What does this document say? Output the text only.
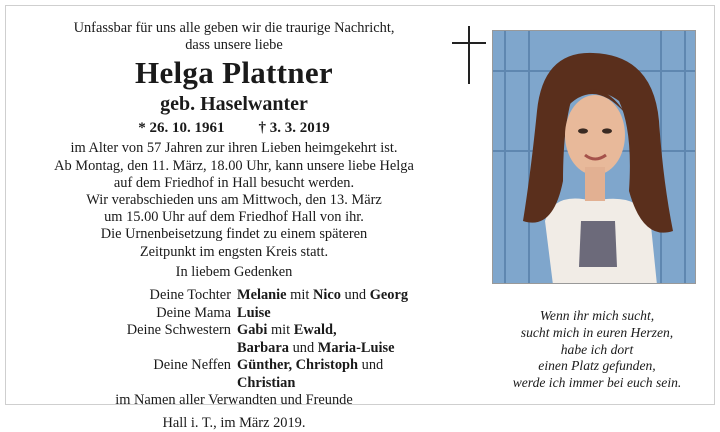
Unfassbar für uns alle geben wir die traurige Nachricht,
dass unsere liebe
Helga Plattner
geb. Haselwanter
* 26. 10. 1961 † 3. 3. 2019
im Alter von 57 Jahren zur ihren Lieben heimgekehrt ist.
Ab Montag, den 11. März, 18.00 Uhr, kann unsere liebe Helga
auf dem Friedhof in Hall besucht werden.
Wir verabschieden uns am Mittwoch, den 13. März
um 15.00 Uhr auf dem Friedhof Hall von ihr.
Die Urnenbeisetzung findet zu einem späteren
Zeitpunkt im engsten Kreis statt.
In liebem Gedenken
Deine Tochter Melanie mit Nico und Georg
Deine Mama Luise
Deine Schwestern Gabi mit Ewald,
Barbara und Maria-Luise
Deine Neffen Günther, Christoph und Christian
im Namen aller Verwandten und Freunde
Hall i. T., im März 2019.
Wenn ihr mich sucht,
sucht mich in euren Herzen,
habe ich dort
einen Platz gefunden,
werde ich immer bei euch sein.
